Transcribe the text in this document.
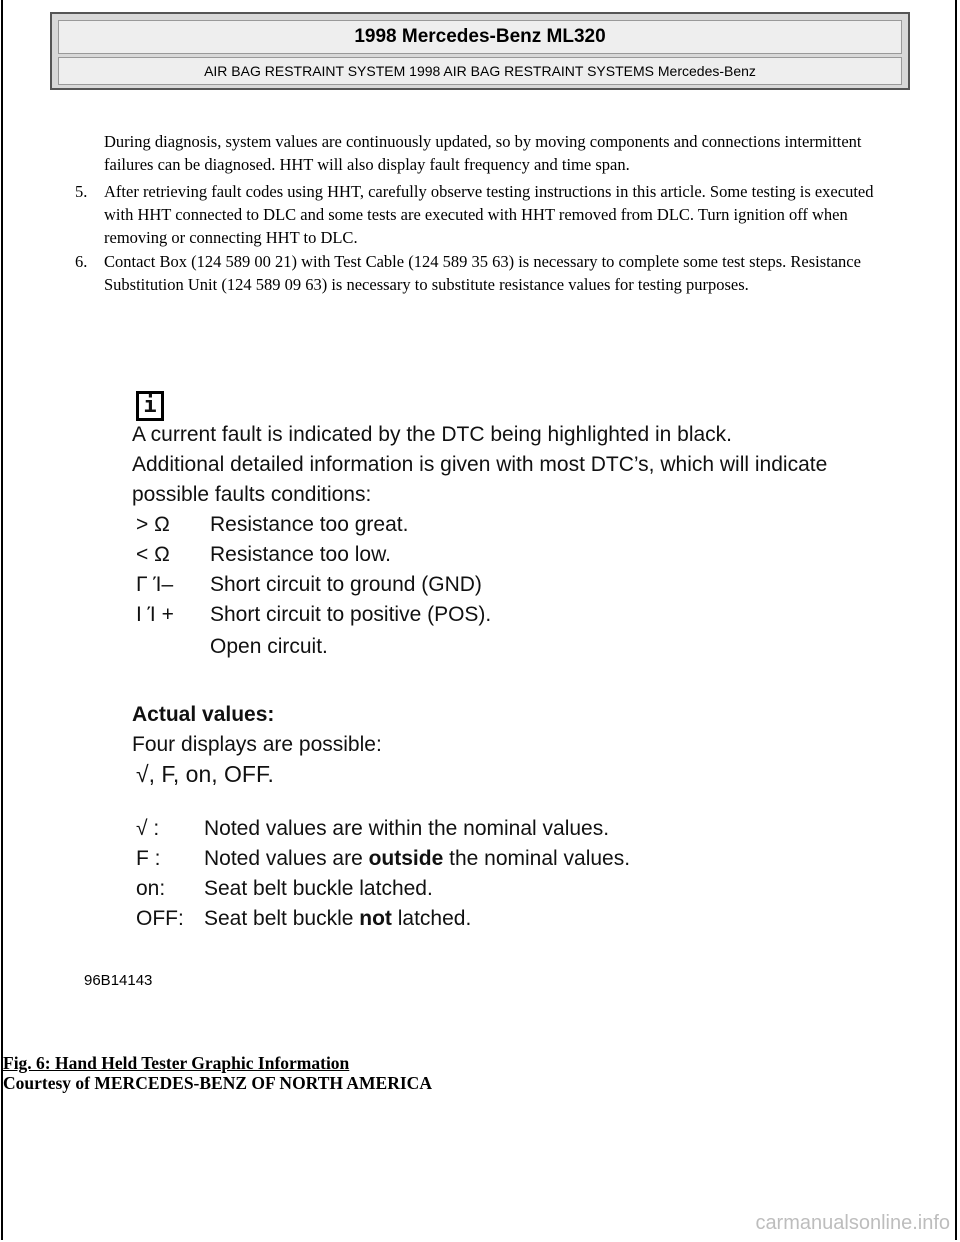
1998 Mercedes-Benz ML320
AIR BAG RESTRAINT SYSTEM 1998 AIR BAG RESTRAINT SYSTEMS Mercedes-Benz
During diagnosis, system values are continuously updated, so by moving components and connections intermittent failures can be diagnosed. HHT will also display fault frequency and time span.
5. After retrieving fault codes using HHT, carefully observe testing instructions in this article. Some testing is executed with HHT connected to DLC and some tests are executed with HHT removed from DLC. Turn ignition off when removing or connecting HHT to DLC.
6. Contact Box (124 589 00 21) with Test Cable (124 589 35 63) is necessary to complete some test steps. Resistance Substitution Unit (124 589 09 63) is necessary to substitute resistance values for testing purposes.
i
A current fault is indicated by the DTC being highlighted in black.
Additional detailed information is given with most DTC’s, which will indicate
possible faults conditions:
> Ω Resistance too great.
< Ω Resistance too low.
Γ Ί– Short circuit to ground (GND)
Ι Ί + Short circuit to positive (POS).
Open circuit.
Actual values:
Four displays are possible:
√, F, on, OFF.
√ : Noted values are within the nominal values.
F : Noted values are outside the nominal values.
on: Seat belt buckle latched.
OFF: Seat belt buckle not latched.
96B14143
Fig. 6: Hand Held Tester Graphic Information
Courtesy of MERCEDES-BENZ OF NORTH AMERICA
carmanualsonline.info
